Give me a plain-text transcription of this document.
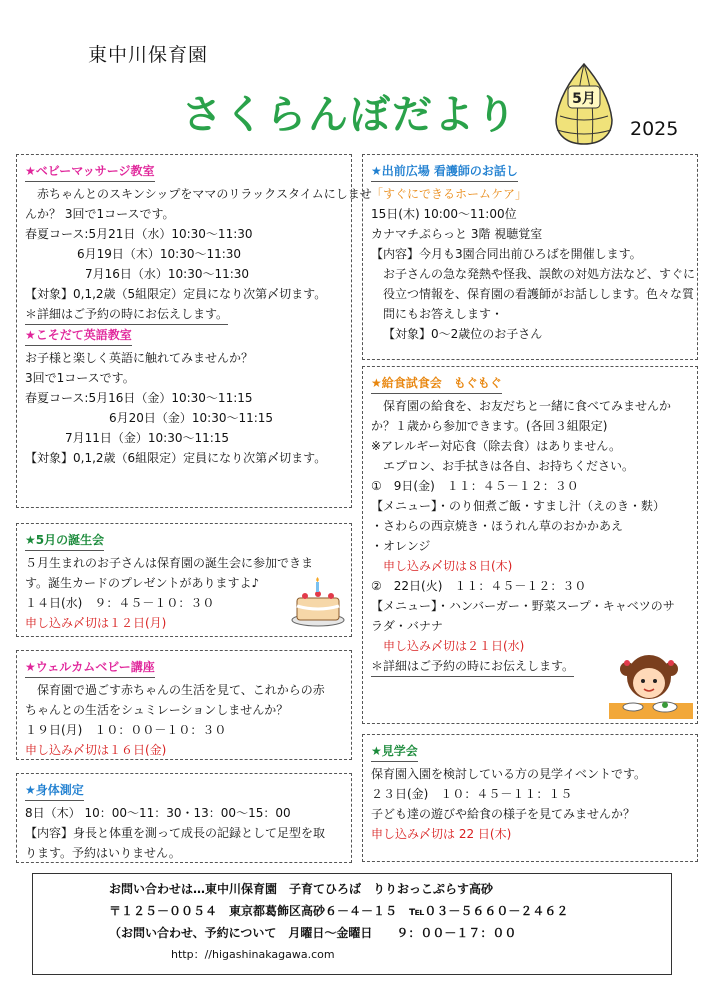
東中川保育園
さくらんぼだより	2025
5月

★ベビーマッサージ教室

赤ちゃんとのスキンシップをママのリラックスタイムにしませ

んか？ 3回で1コースです。

春夏コース:5月21日（水）10:30～11:30

6月19日（木）10:30～11:30

7月16日（水）10:30～11:30

【対象】0,1,2歳（5組限定）定員になり次第〆切ます。

＊詳細はご予約の時にお伝えします。

★こそだて英語教室

お子様と楽しく英語に触れてみませんか？

3回で1コースです。

春夏コース:5月16日（金）10:30～11:15

6月20日（金）10:30～11:15

7月11日（金）10:30～11:15

【対象】0,1,2歳（6組限定）定員になり次第〆切ます。

★5月の誕生会

５月生まれのお子さんは保育園の誕生会に参加できま

す。誕生カードのプレゼントがありますよ♪

１４日(水)　９：４５－１０：３０

申し込み〆切は１２日(月)

★ウェルカムベビー講座

保育園で過ごす赤ちゃんの生活を見て、これからの赤

ちゃんとの生活をシュミレーションしませんか？

１９日(月)　１０：００－１０：３０

申し込み〆切は１６日(金)

★身体測定

8日（木） 10：00～11：30・13：00～15：00

【内容】身長と体重を測って成長の記録として足型を取

ります。予約はいりません。

★出前広場 看護師のお話し

「すぐにできるホームケア」

15日(木) 10:00～11:00位

カナマチぷらっと 3階 視聴覚室

【内容】今月も3園合同出前ひろばを開催します。

お子さんの急な発熱や怪我、誤飲の対処方法など、すぐに

役立つ情報を、保育園の看護師がお話しします。色々な質

問にもお答えします・

【対象】0～2歳位のお子さん

★給食試食会　もぐもぐ

保育園の給食を、お友だちと一緒に食べてみませんか

か？１歳から参加できます。(各回３組限定)

※アレルギー対応食（除去食）はありません。

エプロン、お手拭きは各自、お持ちください。

①　9日(金)　１１：４５－１２：３０

【メニュー】・のり佃煮ご飯・すまし汁（えのき・麩）

・さわらの西京焼き・ほうれん草のおかかあえ

・オレンジ

申し込み〆切は８日(木)

②　22日(火)　１１：４５－１２：３０

【メニュー】・ハンバーガー・野菜スープ・キャベツのサ

ラダ・バナナ

申し込み〆切は２１日(水)

＊詳細はご予約の時にお伝えします。

★見学会

保育園入園を検討している方の見学イベントです。

２３日(金)　１０：４５－１１：１５

子ども達の遊びや給食の様子を見てみませんか？

申し込み〆切は 22 日(木)

お問い合わせは…東中川保育園　子育てひろば　りりおっこぷらす高砂

〒１２５－００５４　東京都葛飾区高砂６－４－１５　℡０３－５６６０－２４６２

（お問い合わせ、予約について　月曜日～金曜日　　９：００－１７：００

http：//higashinakagawa.com
